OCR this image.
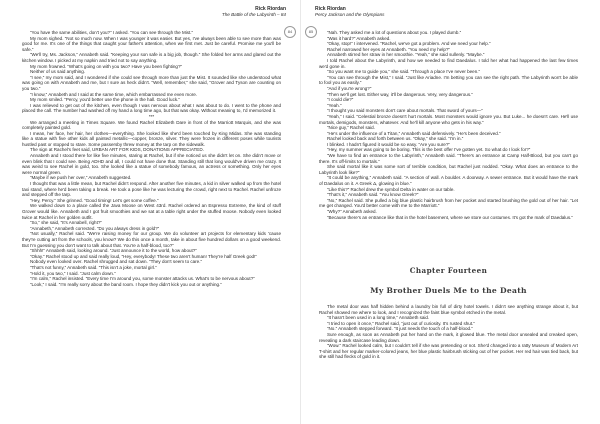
Rick Riordan
The Battle of the Labyrinth – 84
84

“You have the same abilities, don't you?” I asked. “You can see through the Mist.”

My mom sighed. “Not so much now. When I was younger it was easier. But yes, I've always been able to see more than was good for me. It's one of the things that caught your father's attention, when we first met. Just be careful. Promise me you'll be safe.”

“We'll try, Ms. Jackson,” Annabeth said. “Keeping your son safe is a big job, though.” She folded her arms and glared out the kitchen window. I picked at my napkin and tried not to say anything.

My mom frowned. “What's going on with you two? Have you been fighting?”

Neither of us said anything.

“I see,” my mom said, and I wondered if she could see through more than just the Mist. It sounded like she understood what was going on with Annabeth and me, but I sure as heck didn't. “Well, remember,” she said, “Grover and Tyson are counting on you two.”

“I know,” Annabeth and I said at the same time, which embarrassed me even more.

My mom smiled. “Percy, you'd better use the phone in the hall. Good luck.”

I was relieved to get out of the kitchen, even though I was nervous about what I was about to do. I went to the phone and placed the call. The number had washed off my hand a long time ago, but that was okay. Without meaning to, I'd memorized it.

***

We arranged a meeting in Times Square. We found Rachel Elizabeth Dare in front of the Marriott Marquis, and she was completely painted gold.

I mean, her face, her hair, her clothes—everything. She looked like she'd been touched by King Midas. She was standing like a statue with five other kids all painted metallic—copper, bronze, silver. They were frozen in different poses while tourists hustled past or stopped to stare. Some passersby threw money at the tarp on the sidewalk.

The sign at Rachel's feet said, URBAN ART FOR KIDS, DONATIONS APPRECIATED.

Annabeth and I stood there for like five minutes, staring at Rachel, but if she noticed us she didn't let on. She didn't move or even blink that I could see. Being ADHD and all, I could not have done that. Standing still that long would've driven me crazy. It was weird to see Rachel in gold, too. She looked like a statue of somebody famous, an actress or something. Only her eyes were normal green.

“Maybe if we push her over,” Annabeth suggested.

I thought that was a little mean, but Rachel didn't respond. After another five minutes, a kid in silver walked up from the hotel taxi stand, where he'd been taking a break. He took a pose like he was lecturing the crowd, right next to Rachel. Rachel unfroze and stepped off the tarp.

“Hey, Percy.” She grinned. “Good timing! Let's get some coffee.”

We walked down to a place called the Java Moose on West 43rd. Rachel ordered an Espresso Extreme, the kind of stuff Grover would like. Annabeth and I got fruit smoothies and we sat at a table right under the stuffed moose. Nobody even looked twice at Rachel in her golden outfit.

“So,” she said, “It's Annabell, right?”

“Annabeth,” Annabeth corrected. “Do you always dress in gold?”

“Not usually,” Rachel said. “We're raising money for our group. We do volunteer art projects for elementary kids 'cause they're cutting art from the schools, you know? We do this once a month, take in about five hundred dollars on a good weekend. But I'm guessing you don't want to talk about that. You're a half-blood, too?”

“Shhh!” Annabeth said, looking around. “Just announce it to the world, how about?”

“Okay.” Rachel stood up and said really loud, “Hey, everybody! These two aren't human! They're half Greek god!”

Nobody even looked over. Rachel shrugged and sat down. “They don't seem to care.”

“That's not funny,” Annabeth said. “This isn't a joke, mortal girl.”

“Hold it, you two,” I said. “Just calm down.”

“I'm calm,” Rachel insisted. “Every time I'm around you, some monster attacks us. What's to be nervous about?”

“Look,” I said. “I'm really sorry about the band room. I hope they didn't kick you out or anything.”

Rick Riordan
Percy Jackson and the Olympians
85	“Nah. They asked me a lot of questions about you. I played dumb.”

“Was it hard?” Annabeth asked.

“Okay, stop!” I intervened. “Rachel, we've got a problem. And we need your help.”

Rachel narrowed her eyes at Annabeth. “You need my help?”

Annabeth stirred her straw in her smoothie. “Yeah,” she said sullenly. “Maybe.”

I told Rachel about the Labyrinth, and how we needed to find Daedalus. I told her what had happened the last few times we'd gone in.

“So you want me to guide you,” she said. “Through a place I've never been.”

“You can see through the Mist,” I said. “Just like Ariadne. I'm betting you can see the right path. The Labyrinth won't be able to fool you as easily.”

“And if you're wrong?”

“Then we'll get lost. Either way, it'll be dangerous. Very, very dangerous.”

“I could die?”

“Yeah.”

“I thought you said monsters don't care about mortals. That sword of yours—”

“Yeah,” I said. “Celestial bronze doesn't hurt mortals. Most monsters would ignore you. But Luke... he doesn't care. He'll use mortals, demigods, monsters, whatever. And he'll kill anyone who gets in his way.”

“Nice guy,” Rachel said.

“He's under the influence of a Titan,” Annabeth said defensively. “He's been deceived.”

Rachel looked back and forth between us. “Okay,” she said. “I'm in.”

I blinked. I hadn't figured it would be so easy. “Are you sure?”

“Hey, my summer was going to be boring. This is the best offer I've gotten yet. So what do I look for?”

“We have to find an entrance to the Labyrinth,” Annabeth said. “There's an entrance at Camp Half-Blood, but you can't go there. It's off-limits to mortals.”

She said mortal like it was some sort of terrible condition, but Rachel just nodded. “Okay. What does an entrance to the Labyrinth look like?”

“It could be anything,” Annabeth said. “A section of wall. A boulder. A doorway. A sewer entrance. But it would have the mark of Daedalus on it. A Greek Δ, glowing in blue.”

“Like this?” Rachel drew the symbol Delta in water on our table.

“That's it,” Annabeth said. “You know Greek?”

“No,” Rachel said. She pulled a big blue plastic hairbrush from her pocket and started brushing the gold out of her hair. “Let me get changed. You'd better come with me to the Marriott.”

“Why?” Annabeth asked.

“Because there's an entrance like that in the hotel basement, where we store our costumes. It's got the mark of Daedalus.”

Chapter Fourteen
My Brother Duels Me to the Death

The metal door was half hidden behind a laundry bin full of dirty hotel towels. I didn't see anything strange about it, but Rachel showed me where to look, and I recognized the faint blue symbol etched in the metal.

“It hasn't been used in a long time,” Annabeth said.

“I tried to open it once,” Rachel said, “just out of curiosity. It's rusted shut.”

“No.” Annabeth stepped forward. “It just needs the touch of a half-blood.”

Sure enough, as soon as Annabeth put her hand on the mark, it glowed blue. The metal door unsealed and creaked open, revealing a dark staircase leading down.

“Wow.” Rachel looked calm, but I couldn't tell if she was pretending or not. She'd changed into a ratty Museum of Modern Art T-shirt and her regular marker-colored jeans, her blue plastic hairbrush sticking out of her pocket. Her red hair was tied back, but she still had flecks of gold in it.
